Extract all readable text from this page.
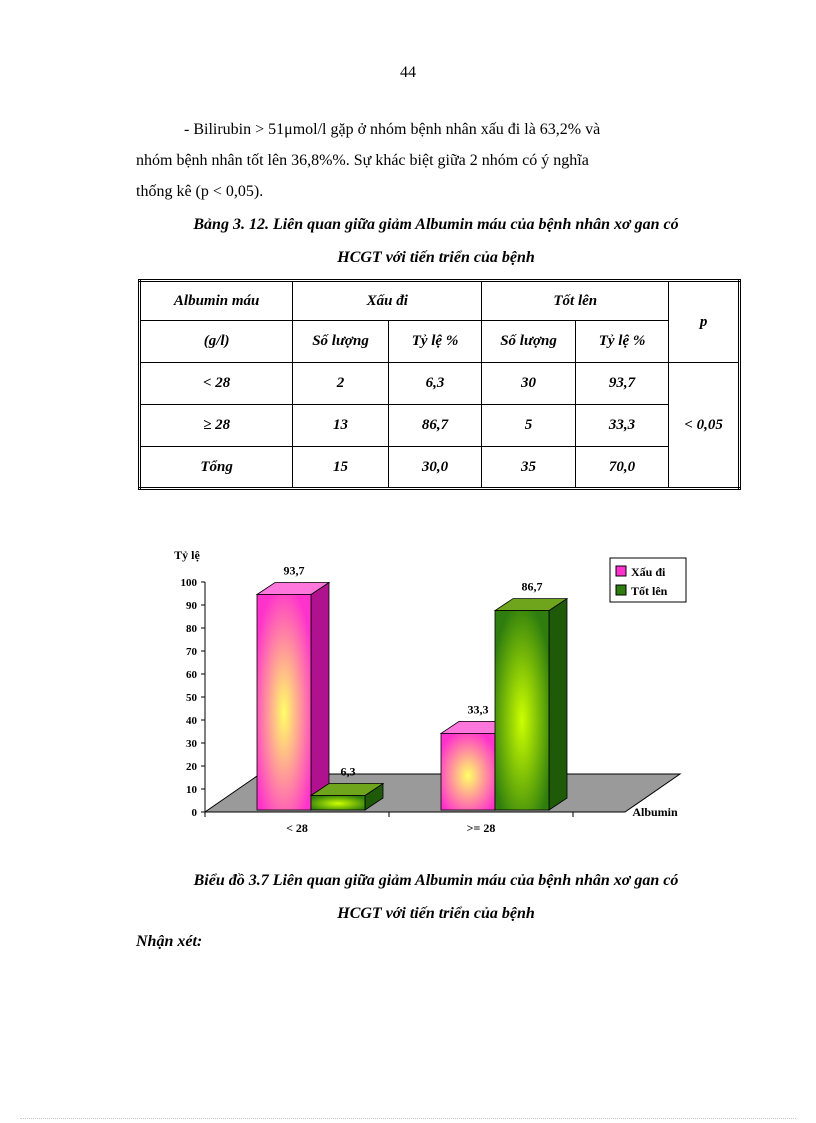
44
- Bilirubin > 51μmol/l gặp ở nhóm bệnh nhân xấu đi là 63,2% và
nhóm bệnh nhân tốt lên 36,8%%. Sự khác biệt giữa 2 nhóm có ý nghĩa
thống kê (p < 0,05).
Bảng 3. 12. Liên quan giữa giảm Albumin máu của bệnh nhân xơ gan có
HCGT với tiến triển của bệnh
Albumin máu	Xấu đi		Tốt lên		p
(g/l)	Số lượng	Tỷ lệ %	Số lượng	Tỷ lệ %	
< 28	2	6,3	30	93,7	< 0,05
≥ 28	13	86,7	5	33,3	
Tổng	15	30,0	35	70,0	
0
10
20
30
40
50
60
70
80
90
100
Tỷ lệ
< 28	>= 28
Albumin
93,7
6,3
33,3
86,7
Xấu đi
Tốt lên
Biểu đồ 3.7 Liên quan giữa giảm Albumin máu của bệnh nhân xơ gan có
HCGT với tiến triển của bệnh
Nhận xét:
